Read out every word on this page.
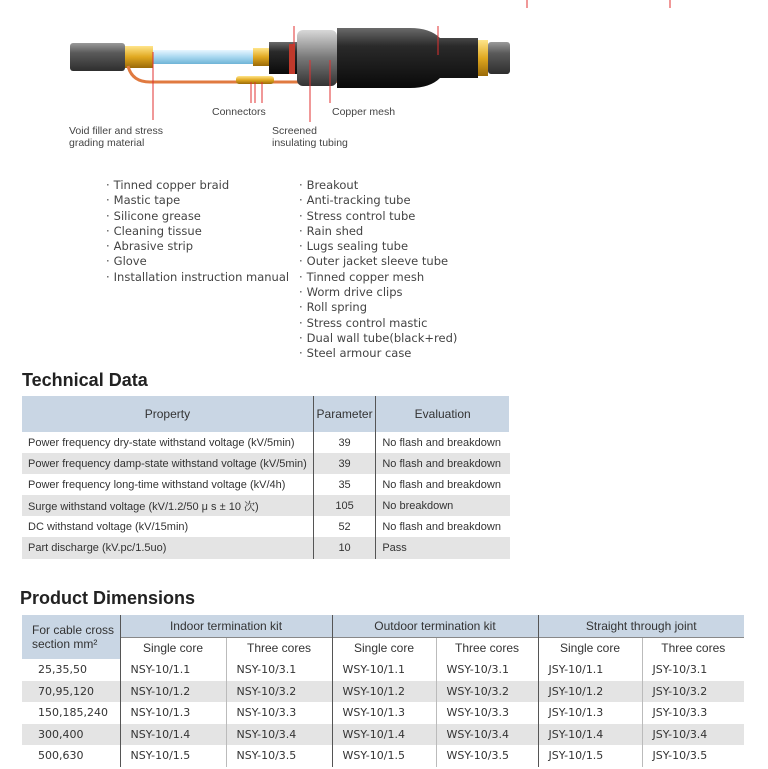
Connectors	Copper mesh
Void filler and stress
grading material
Screened
insulating tubing
· Tinned copper braid
· Mastic tape
· Silicone grease
· Cleaning tissue
· Abrasive strip
· Glove
· Installation instruction manual
· Breakout
· Anti-tracking tube
· Stress control tube
· Rain shed
· Lugs sealing tube
· Outer jacket sleeve tube
· Tinned copper mesh
· Worm drive clips
· Roll spring
· Stress control mastic
· Dual wall tube(black+red)
· Steel armour case
Technical Data
Property	Parameter	Evaluation
Power frequency dry-state withstand voltage (kV/5min)	39	No flash and breakdown
Power frequency damp-state withstand voltage (kV/5min)	39	No flash and breakdown
Power frequency long-time withstand voltage (kV/4h)	35	No flash and breakdown
Surge withstand voltage (kV/1.2/50 μ s ± 10 次)	105	No breakdown
DC withstand voltage (kV/15min)	52	No flash and breakdown
Part discharge (kV.pc/1.5uo)	10	Pass
Product Dimensions
For cable cross
section mm²	Indoor termination kit		Outdoor termination kit		Straight through joint	
	Single core	Three cores	Single core	Three cores	Single core	Three cores
25,35,50	NSY-10/1.1	NSY-10/3.1	WSY-10/1.1	WSY-10/3.1	JSY-10/1.1	JSY-10/3.1
70,95,120	NSY-10/1.2	NSY-10/3.2	WSY-10/1.2	WSY-10/3.2	JSY-10/1.2	JSY-10/3.2
150,185,240	NSY-10/1.3	NSY-10/3.3	WSY-10/1.3	WSY-10/3.3	JSY-10/1.3	JSY-10/3.3
300,400	NSY-10/1.4	NSY-10/3.4	WSY-10/1.4	WSY-10/3.4	JSY-10/1.4	JSY-10/3.4
500,630	NSY-10/1.5	NSY-10/3.5	WSY-10/1.5	WSY-10/3.5	JSY-10/1.5	JSY-10/3.5
